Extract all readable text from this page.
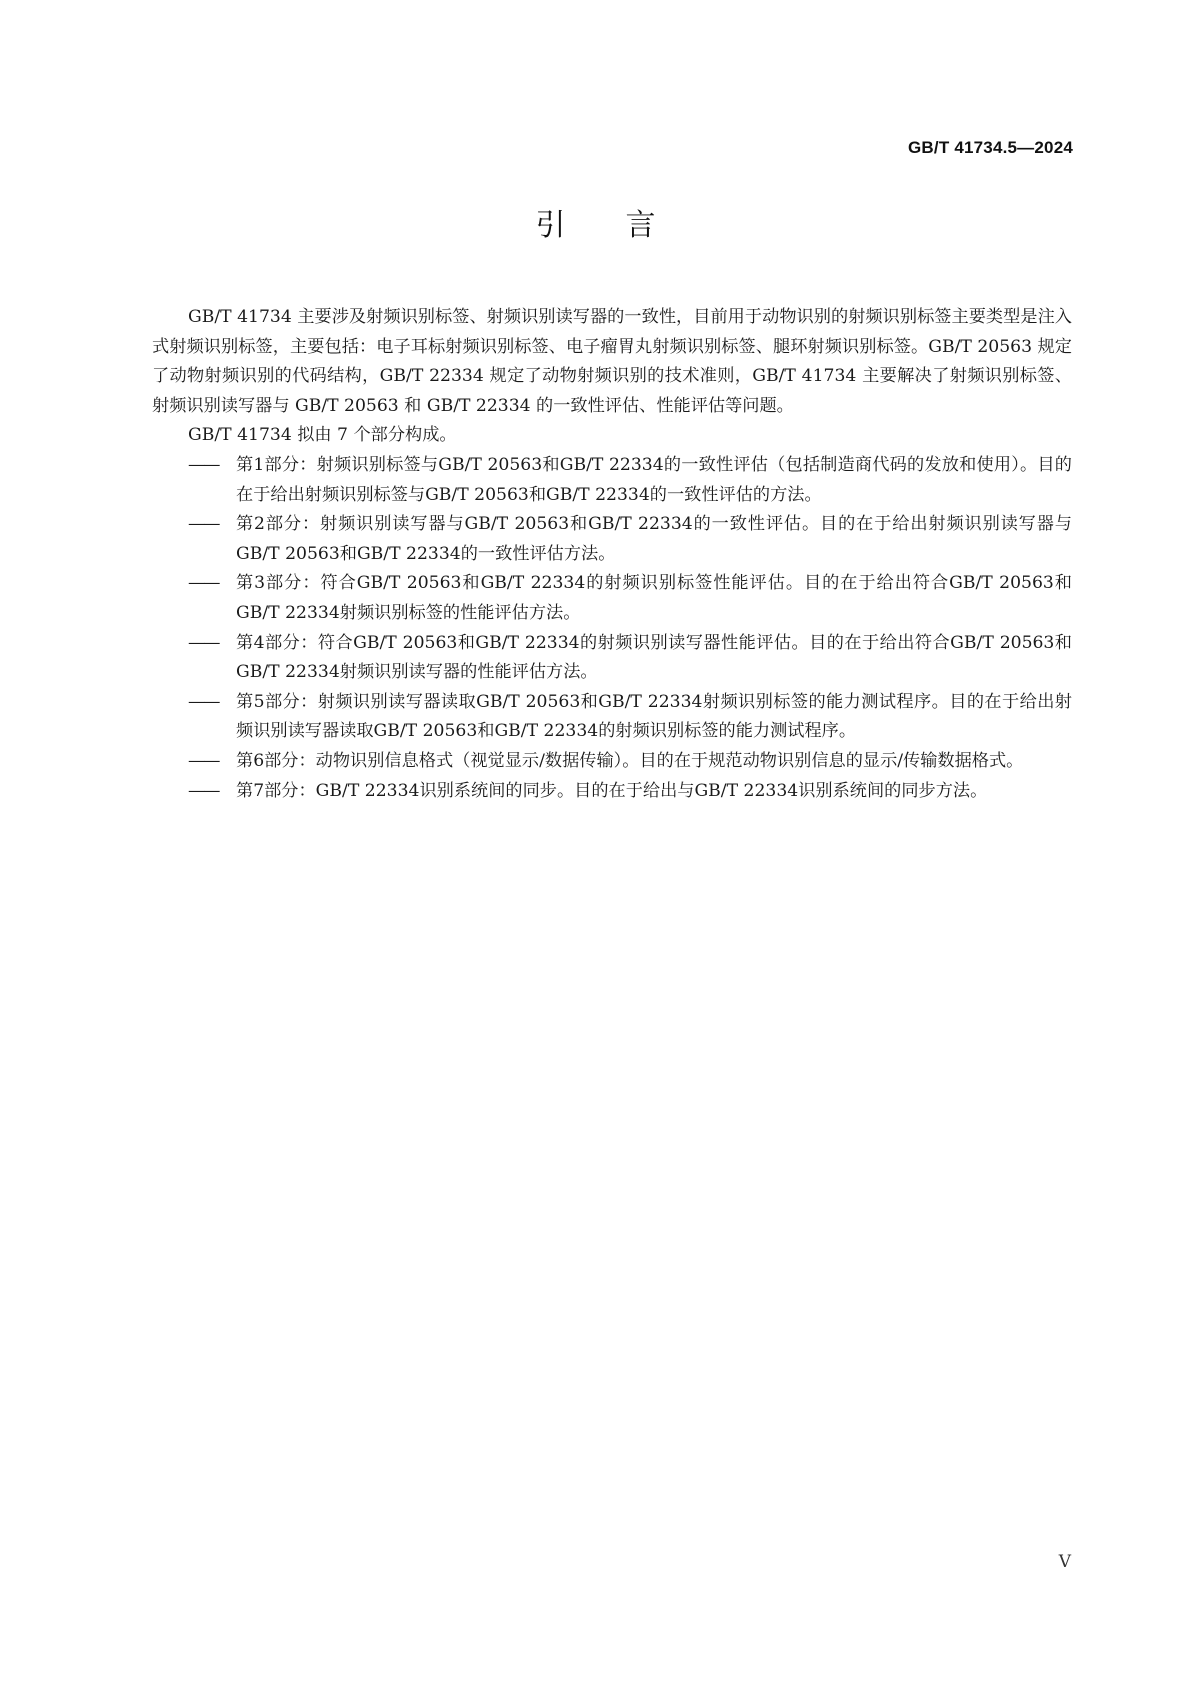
GB/T 41734.5—2024
引言

GB/T 41734 主要涉及射频识别标签、射频识别读写器的一致性，目前用于动物识别的射频识别标签主要类型是注入式射频识别标签，主要包括：电子耳标射频识别标签、电子瘤胃丸射频识别标签、腿环射频识别标签。GB/T 20563 规定了动物射频识别的代码结构，GB/T 22334 规定了动物射频识别的技术准则，GB/T 41734 主要解决了射频识别标签、射频识别读写器与 GB/T 20563 和 GB/T 22334 的一致性评估、性能评估等问题。

GB/T 41734 拟由 7 个部分构成。

——	第1部分：射频识别标签与GB/T 20563和GB/T 22334的一致性评估（包括制造商代码的发放和使用）。目的在于给出射频识别标签与GB/T 20563和GB/T 22334的一致性评估的方法。
——	第2部分：射频识别读写器与GB/T 20563和GB/T 22334的一致性评估。目的在于给出射频识别读写器与GB/T 20563和GB/T 22334的一致性评估方法。
——	第3部分：符合GB/T 20563和GB/T 22334的射频识别标签性能评估。目的在于给出符合GB/T 20563和GB/T 22334射频识别标签的性能评估方法。
——	第4部分：符合GB/T 20563和GB/T 22334的射频识别读写器性能评估。目的在于给出符合GB/T 20563和GB/T 22334射频识别读写器的性能评估方法。
——	第5部分：射频识别读写器读取GB/T 20563和GB/T 22334射频识别标签的能力测试程序。目的在于给出射频识别读写器读取GB/T 20563和GB/T 22334的射频识别标签的能力测试程序。
——	第6部分：动物识别信息格式（视觉显示/数据传输）。目的在于规范动物识别信息的显示/传输数据格式。
——	第7部分：GB/T 22334识别系统间的同步。目的在于给出与GB/T 22334识别系统间的同步方法。
V
